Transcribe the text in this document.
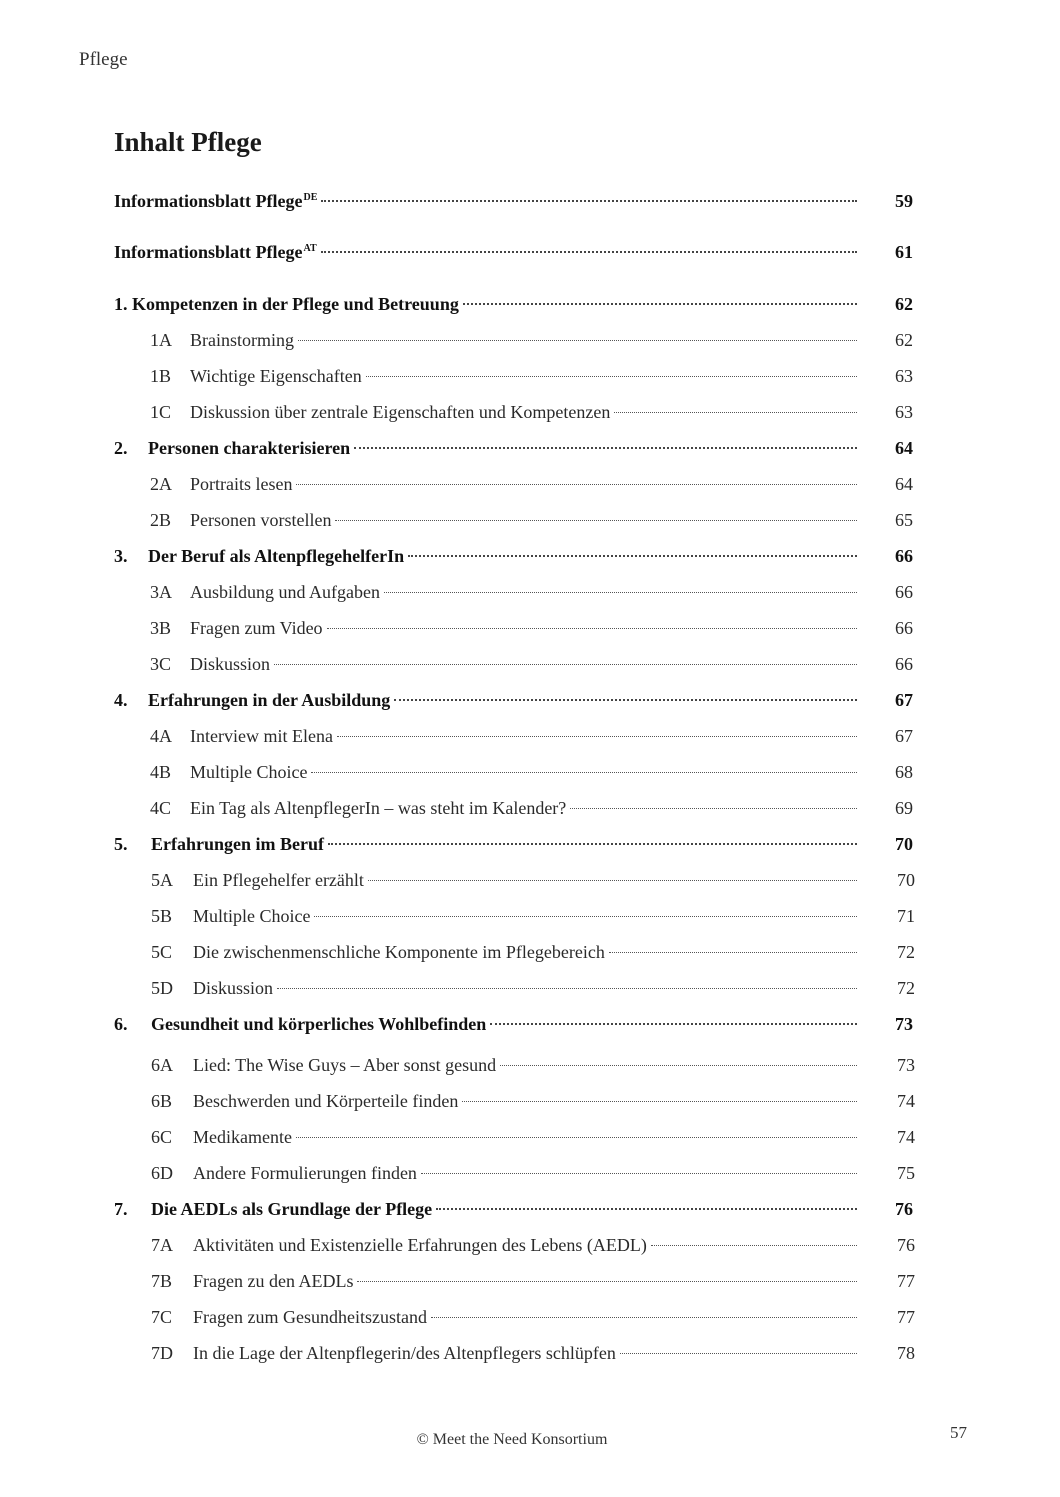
Pflege
Inhalt Pflege
Informationsblatt Pflege$^{DE}$	59
Informationsblatt Pflege$^{AT}$	61
1. Kompetenzen in der Pflege und Betreuung	62
1A	Brainstorming	62
1B	Wichtige Eigenschaften	63
1C	Diskussion über zentrale Eigenschaften und Kompetenzen	63
2.	Personen charakterisieren	64
2A	Portraits lesen	64
2B	Personen vorstellen	65
3.	Der Beruf als AltenpflegehelferIn	66
3A	Ausbildung und Aufgaben	66
3B	Fragen zum Video	66
3C	Diskussion	66
4.	Erfahrungen in der Ausbildung	67
4A	Interview mit Elena	67
4B	Multiple Choice	68
4C	Ein Tag als AltenpflegerIn – was steht im Kalender?	69
5.	Erfahrungen im Beruf	70
5A	Ein Pflegehelfer erzählt	70
5B	Multiple Choice	71
5C	Die zwischenmenschliche Komponente im Pflegebereich	72
5D	Diskussion	72
6.	Gesundheit und körperliches Wohlbefinden	73
6A	Lied: The Wise Guys – Aber sonst gesund	73
6B	Beschwerden und Körperteile finden	74
6C	Medikamente	74
6D	Andere Formulierungen finden	75
7.	Die AEDLs als Grundlage der Pflege	76
7A	Aktivitäten und Existenzielle Erfahrungen des Lebens (AEDL)	76
7B	Fragen zu den AEDLs	77
7C	Fragen zum Gesundheitszustand	77
7D	In die Lage der Altenpflegerin/des Altenpflegers schlüpfen	78
© Meet the Need Konsortium	57
